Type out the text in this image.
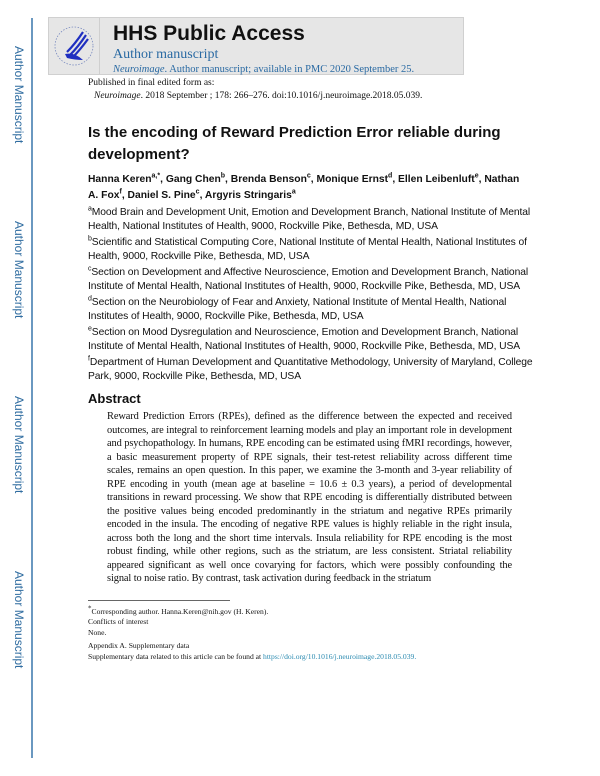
Author Manuscript
Author Manuscript
Author Manuscript
Author Manuscript
HHS Public Access
Author manuscript
Neuroimage. Author manuscript; available in PMC 2020 September 25.
Published in final edited form as:
Neuroimage. 2018 September ; 178: 266–276. doi:10.1016/j.neuroimage.2018.05.039.
Is the encoding of Reward Prediction Error reliable during development?
Hanna Keren$^{a,*}$, Gang Chen$^b$, Brenda Benson$^c$, Monique Ernst$^d$, Ellen Leibenluft$^e$, Nathan A. Fox$^f$, Daniel S. Pine$^c$, Argyris Stringaris$^a$
$^a$Mood Brain and Development Unit, Emotion and Development Branch, National Institute of Mental Health, National Institutes of Health, 9000, Rockville Pike, Bethesda, MD, USA
$^b$Scientific and Statistical Computing Core, National Institute of Mental Health, National Institutes of Health, 9000, Rockville Pike, Bethesda, MD, USA
$^c$Section on Development and Affective Neuroscience, Emotion and Development Branch, National Institute of Mental Health, National Institutes of Health, 9000, Rockville Pike, Bethesda, MD, USA
$^d$Section on the Neurobiology of Fear and Anxiety, National Institute of Mental Health, National Institutes of Health, 9000, Rockville Pike, Bethesda, MD, USA
$^e$Section on Mood Dysregulation and Neuroscience, Emotion and Development Branch, National Institute of Mental Health, National Institutes of Health, 9000, Rockville Pike, Bethesda, MD, USA
$^f$Department of Human Development and Quantitative Methodology, University of Maryland, College Park, 9000, Rockville Pike, Bethesda, MD, USA
Abstract
Reward Prediction Errors (RPEs), defined as the difference between the expected and received outcomes, are integral to reinforcement learning models and play an important role in development and psychopathology. In humans, RPE encoding can be estimated using fMRI recordings, however, a basic measurement property of RPE signals, their test-retest reliability across different time scales, remains an open question. In this paper, we examine the 3-month and 3-year reliability of RPE encoding in youth (mean age at baseline = 10.6 ± 0.3 years), a period of developmental transitions in reward processing. We show that RPE encoding is differentially distributed between the positive values being encoded predominantly in the striatum and negative RPEs primarily encoded in the insula. The encoding of negative RPE values is highly reliable in the right insula, across both the long and the short time intervals. Insula reliability for RPE encoding is the most robust finding, while other regions, such as the striatum, are less consistent. Striatal reliability appeared significant as well once covarying for factors, which were possibly confounding the signal to noise ratio. By contrast, task activation during feedback in the striatum
*Corresponding author. Hanna.Keren@nih.gov (H. Keren).
Conflicts of interest
None.
Appendix A. Supplementary data
Supplementary data related to this article can be found at https://doi.org/10.1016/j.neuroimage.2018.05.039.
